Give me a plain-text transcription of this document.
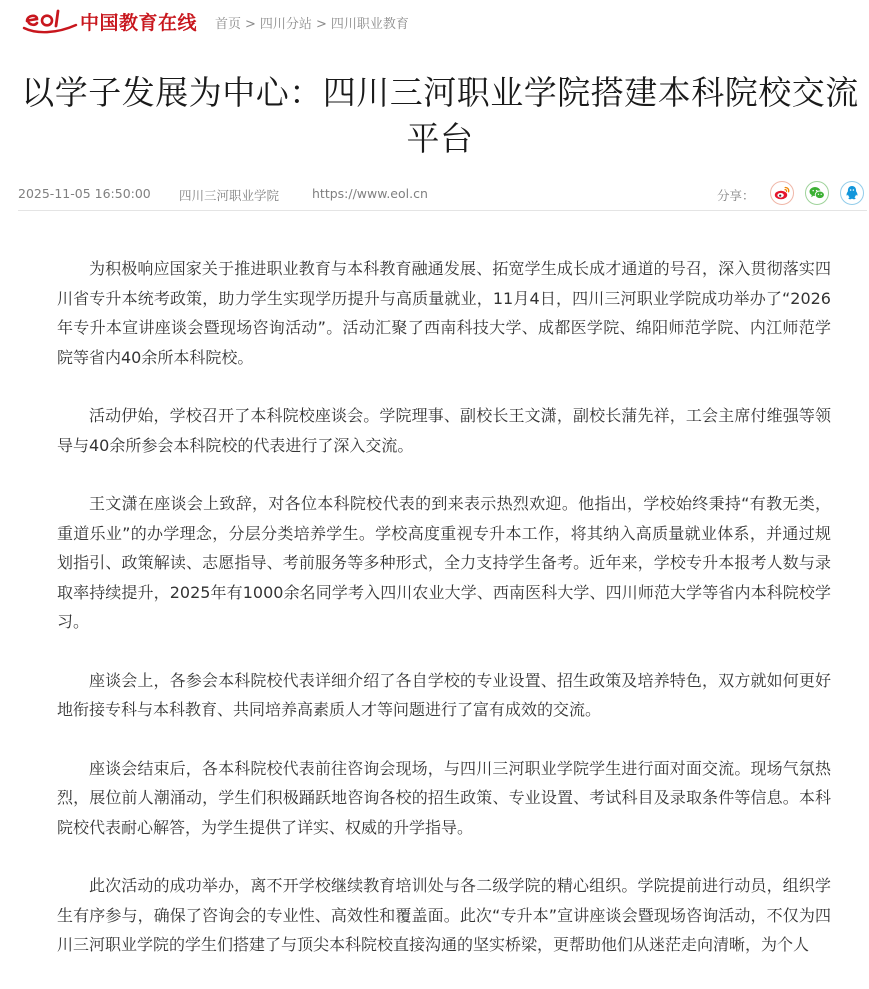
中国教育在线 首页 > 四川分站 > 四川职业教育
以学子发展为中心：四川三河职业学院搭建本科院校交流平台
2025-11-05 16:50:00 四川三河职业学院	https://www.eol.cn	分享：

为积极响应国家关于推进职业教育与本科教育融通发展、拓宽学生成长成才通道的号召，深入贯彻落实四川省专升本统考政策，助力学生实现学历提升与高质量就业，11月4日，四川三河职业学院成功举办了“2026年专升本宣讲座谈会暨现场咨询活动”。活动汇聚了西南科技大学、成都医学院、绵阳师范学院、内江师范学院等省内40余所本科院校。

活动伊始，学校召开了本科院校座谈会。学院理事、副校长王文潇，副校长蒲先祥，工会主席付维强等领导与40余所参会本科院校的代表进行了深入交流。

王文潇在座谈会上致辞，对各位本科院校代表的到来表示热烈欢迎。他指出，学校始终秉持“有教无类，重道乐业”的办学理念，分层分类培养学生。学校高度重视专升本工作，将其纳入高质量就业体系，并通过规划指引、政策解读、志愿指导、考前服务等多种形式，全力支持学生备考。近年来，学校专升本报考人数与录取率持续提升，2025年有1000余名同学考入四川农业大学、西南医科大学、四川师范大学等省内本科院校学习。

座谈会上，各参会本科院校代表详细介绍了各自学校的专业设置、招生政策及培养特色，双方就如何更好地衔接专科与本科教育、共同培养高素质人才等问题进行了富有成效的交流。

座谈会结束后，各本科院校代表前往咨询会现场，与四川三河职业学院学生进行面对面交流。现场气氛热烈，展位前人潮涌动，学生们积极踊跃地咨询各校的招生政策、专业设置、考试科目及录取条件等信息。本科院校代表耐心解答，为学生提供了详实、权威的升学指导。

此次活动的成功举办，离不开学校继续教育培训处与各二级学院的精心组织。学院提前进行动员，组织学生有序参与，确保了咨询会的专业性、高效性和覆盖面。此次“专升本”宣讲座谈会暨现场咨询活动，不仅为四川三河职业学院的学生们搭建了与顶尖本科院校直接沟通的坚实桥梁，更帮助他们从迷茫走向清晰，为个人
